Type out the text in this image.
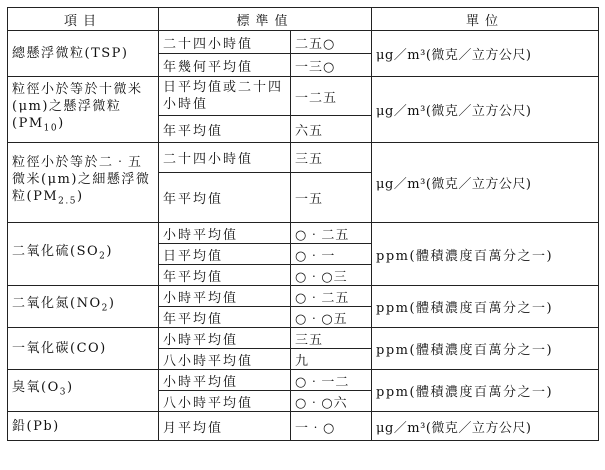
項目	標準值		單位
總懸浮微粒(TSP)	二十四小時值	二五○	μg／m³(微克／立方公尺)
	年幾何平均值	一三○	
粒徑小於等於十微米(μm)之懸浮微粒$(PM_{10})$	日平均值或二十四小時值	一二五	μg／m³(微克／立方公尺)
	年平均值	六五	
粒徑小於等於二‧五微米(μm)之細懸浮微粒$(PM_{2.5})$	二十四小時值	三五	μg／m³(微克／立方公尺)
	年平均值	一五	
二氧化硫$(SO_2)$	小時平均值	○‧二五	ppm(體積濃度百萬分之一)
	日平均值	○‧一	
	年平均值	○‧○三	
二氧化氮$(NO_2)$	小時平均值	○‧二五	ppm(體積濃度百萬分之一)
	年平均值	○‧○五	
一氧化碳(CO)	小時平均值	三五	ppm(體積濃度百萬分之一)
	八小時平均值	九	
臭氧$(O_3)$	小時平均值	○‧一二	ppm(體積濃度百萬分之一)
	八小時平均值	○‧○六	
鉛(Pb)	月平均值	一‧○	μg／m³(微克／立方公尺)
